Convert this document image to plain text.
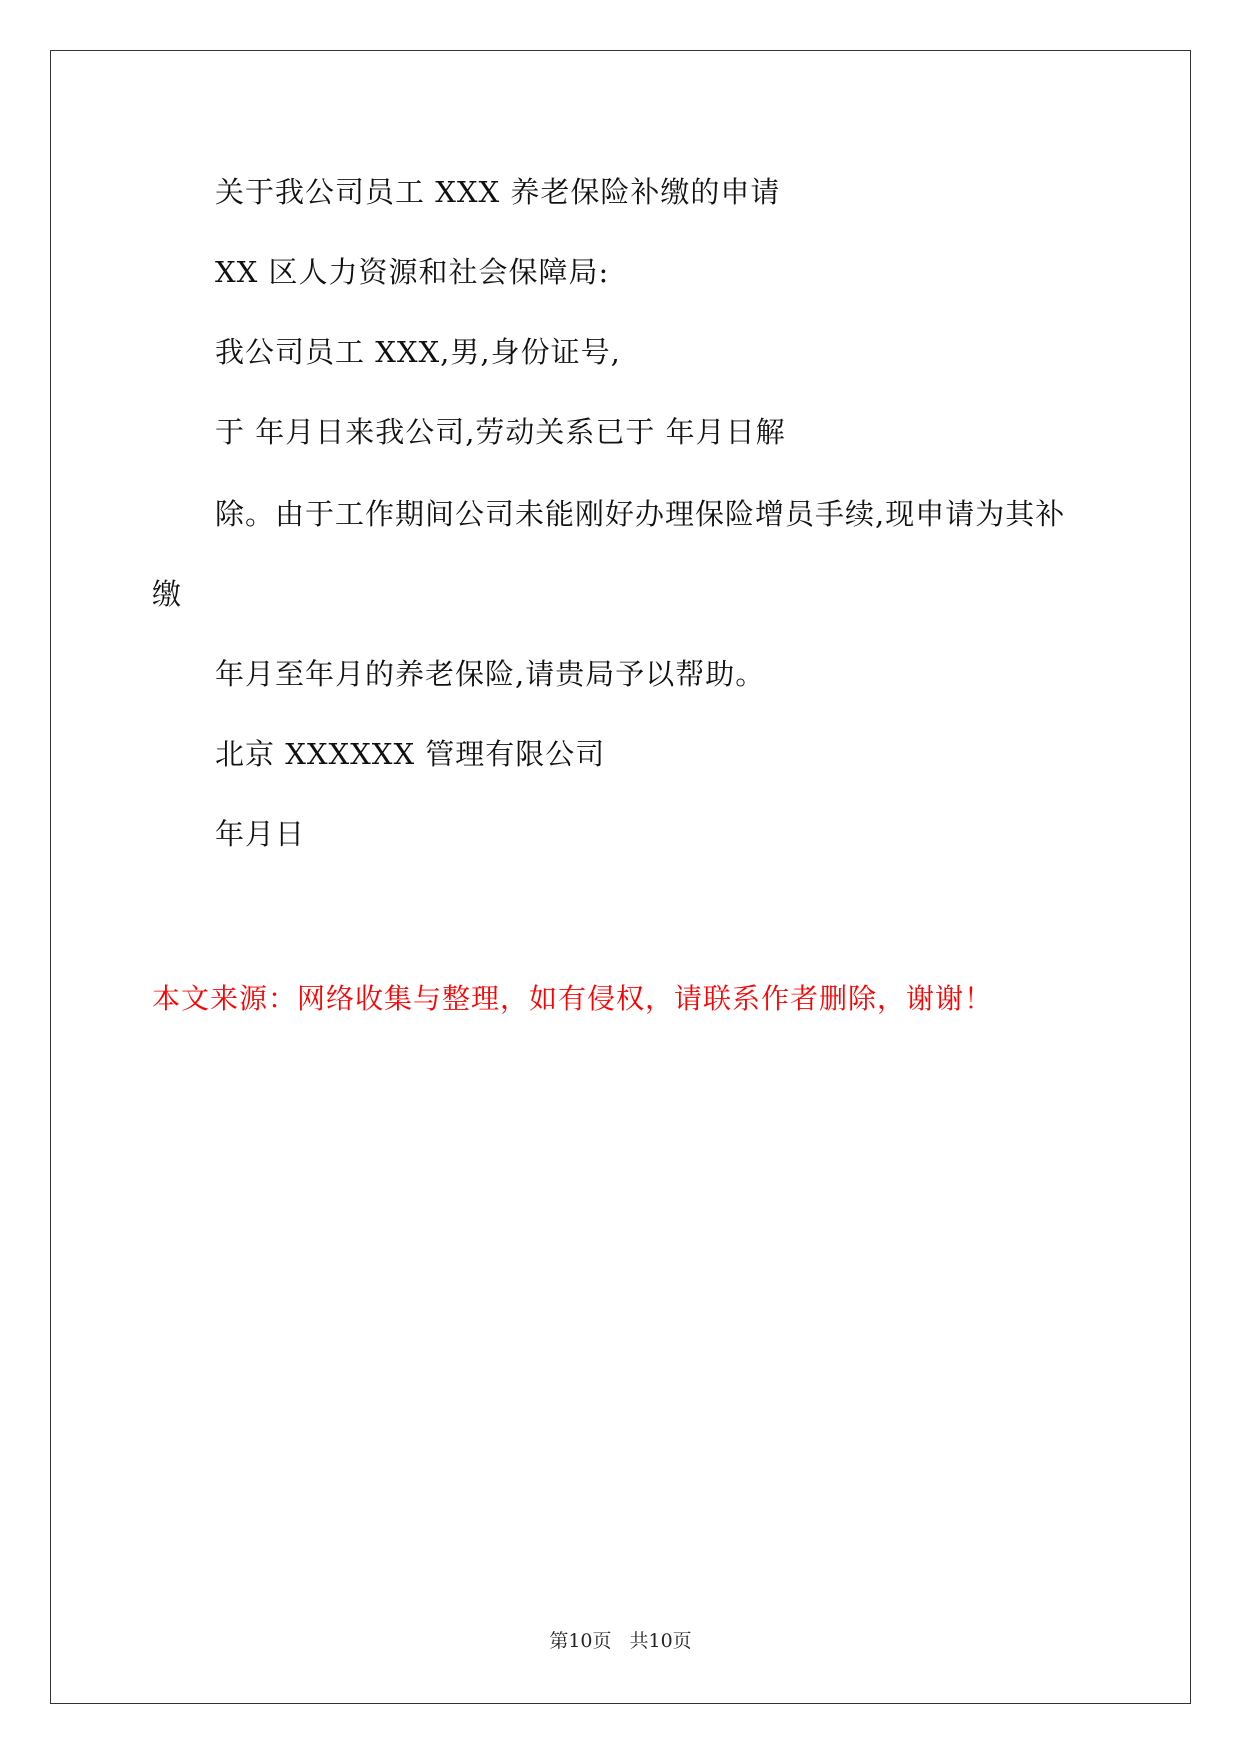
关于我公司员工 XXX 养老保险补缴的申请
XX 区人力资源和社会保障局:
我公司员工 XXX,男,身份证号,
于 年月日来我公司,劳动关系已于 年月日解
除。由于工作期间公司未能刚好办理保险增员手续,现申请为其补
缴
年月至年月的养老保险,请贵局予以帮助。
北京 XXXXXX 管理有限公司
年月日
本文来源：网络收集与整理，如有侵权，请联系作者删除，谢谢！
第10页 共10页
